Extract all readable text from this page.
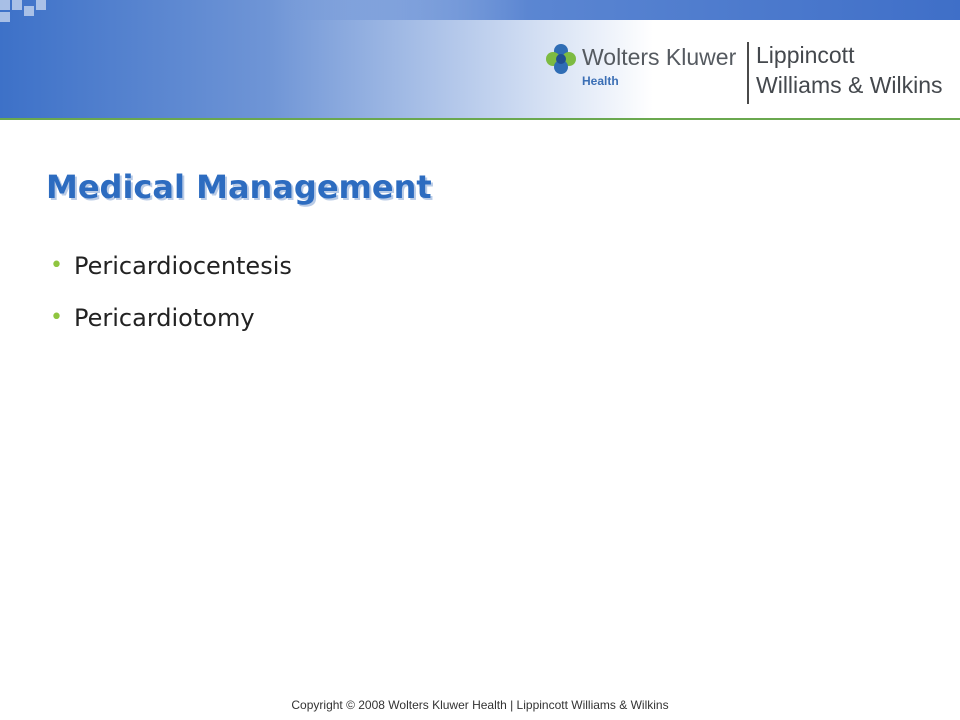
Wolters Kluwer
Health
Lippincott
Williams & Wilkins
Medical Management
• Pericardiocentesis
• Pericardiotomy
Copyright © 2008 Wolters Kluwer Health | Lippincott Williams & Wilkins
